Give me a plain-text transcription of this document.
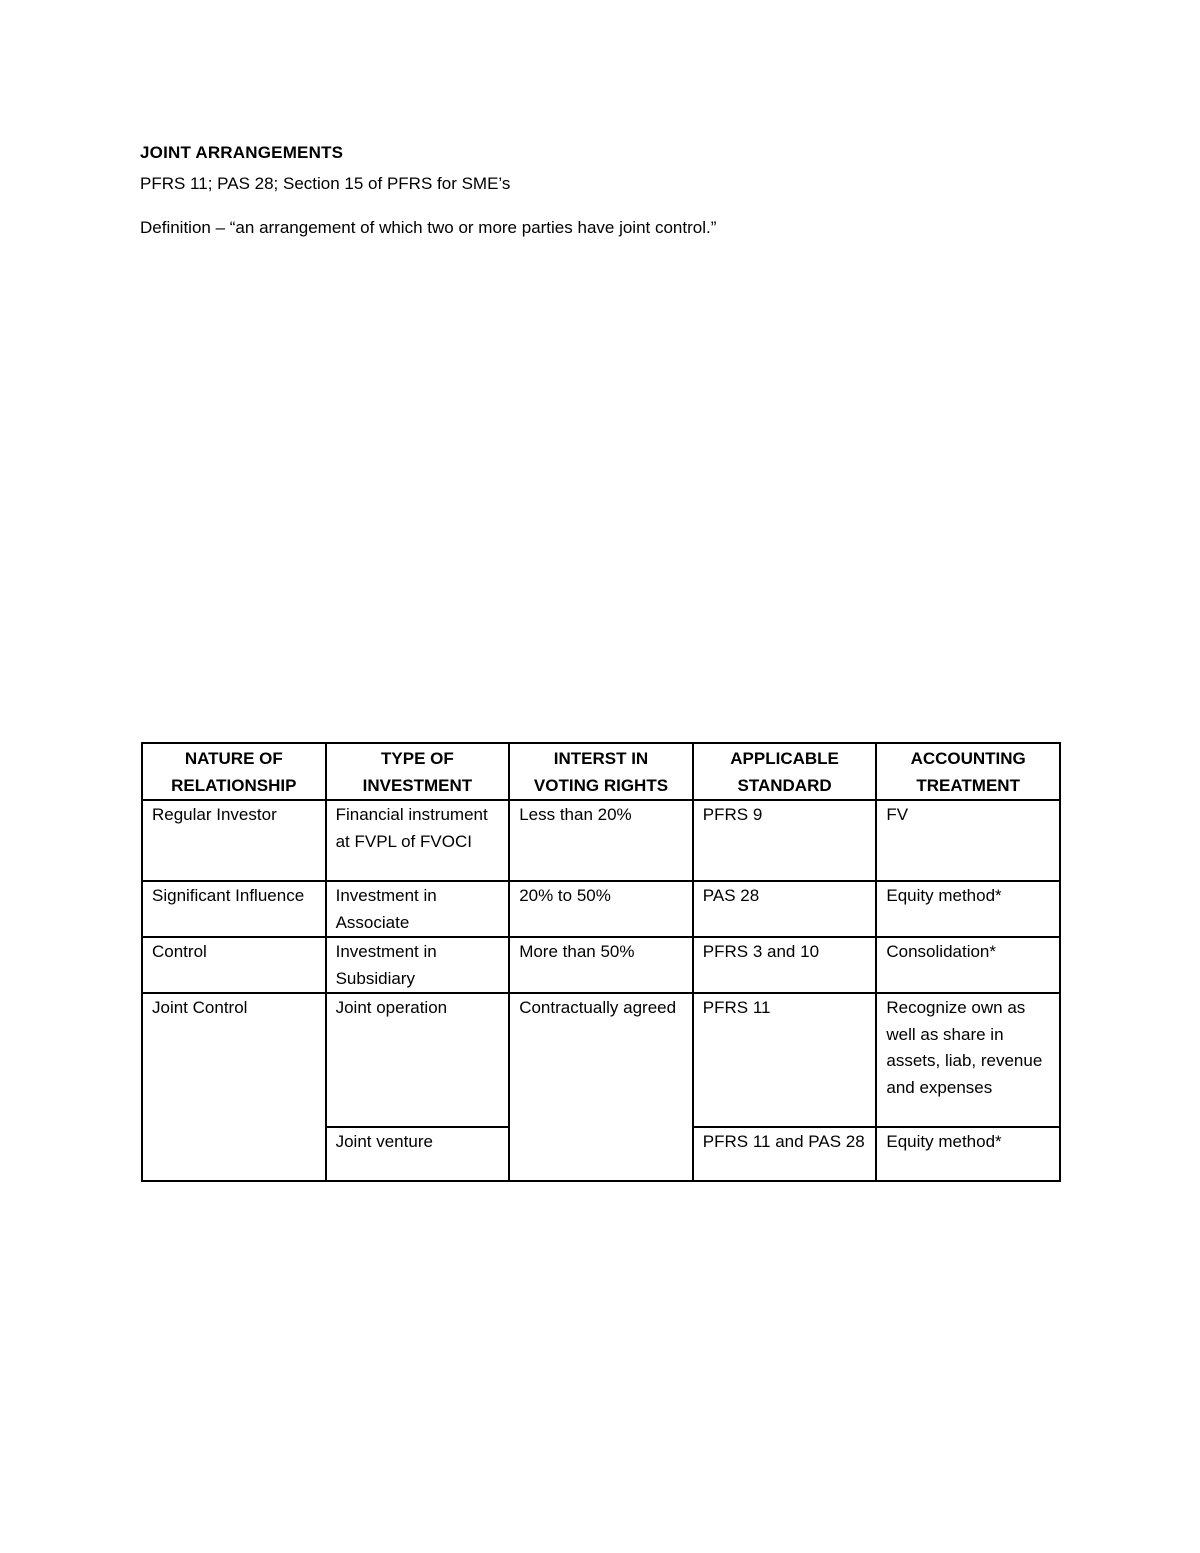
JOINT ARRANGEMENTS
PFRS 11; PAS 28; Section 15 of PFRS for SME’s
Definition – “an arrangement of which two or more parties have joint control.”
NATURE OF RELATIONSHIP	TYPE OF INVESTMENT	INTERST IN VOTING RIGHTS	APPLICABLE STANDARD	ACCOUNTING TREATMENT
Regular Investor	Financial instrument at FVPL of FVOCI	Less than 20%	PFRS 9	FV
Significant Influence	Investment in Associate	20% to 50%	PAS 28	Equity method*
Control	Investment in Subsidiary	More than 50%	PFRS 3 and 10	Consolidation*
Joint Control	Joint operation	Contractually agreed	PFRS 11	Recognize own as well as share in assets, liab, revenue and expenses
	Joint venture		PFRS 11 and PAS 28	Equity method*
